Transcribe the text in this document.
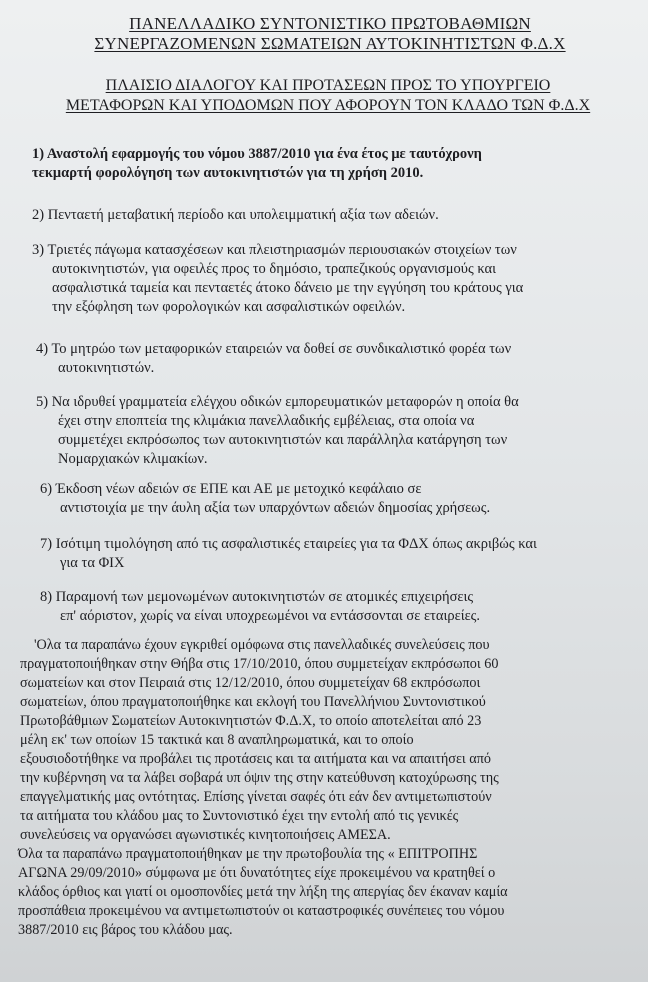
ΠΑΝΕΛΛΑΔΙΚΟ ΣΥΝΤΟΝΙΣΤΙΚΟ ΠΡΩΤΟΒΑΘΜΙΩΝ
ΣΥΝΕΡΓΑΖΟΜΕΝΩΝ ΣΩΜΑΤΕΙΩΝ ΑΥΤΟΚΙΝΗΤΙΣΤΩΝ Φ.Δ.Χ
ΠΛΑΙΣΙΟ ΔΙΑΛΟΓΟΥ ΚΑΙ ΠΡΟΤΑΣΕΩΝ ΠΡΟΣ ΤΟ ΥΠΟΥΡΓΕΙΟ
ΜΕΤΑΦΟΡΩΝ ΚΑΙ ΥΠΟΔΟΜΩΝ ΠΟΥ ΑΦΟΡΟΥΝ ΤΟΝ ΚΛΑΔΟ ΤΩΝ Φ.Δ.Χ
1) Αναστολή εφαρμογής του νόμου 3887/2010 για ένα έτος με ταυτόχρονη
τεκμαρτή φορολόγηση των αυτοκινητιστών για τη χρήση 2010.
2) Πενταετή μεταβατική περίοδο και υπολειμματική αξία των αδειών.
3) Τριετές πάγωμα κατασχέσεων και πλειστηριασμών περιουσιακών στοιχείων των
αυτοκινητιστών, για οφειλές προς το δημόσιο, τραπεζικούς οργανισμούς και
ασφαλιστικά ταμεία και πενταετές άτοκο δάνειο με την εγγύηση του κράτους για
την εξόφληση των φορολογικών και ασφαλιστικών οφειλών.
4) Το μητρώο των μεταφορικών εταιρειών να δοθεί σε συνδικαλιστικό φορέα των
αυτοκινητιστών.
5) Να ιδρυθεί γραμματεία ελέγχου οδικών εμπορευματικών μεταφορών η οποία θα
έχει στην εποπτεία της κλιμάκια πανελλαδικής εμβέλειας, στα οποία να
συμμετέχει εκπρόσωπος των αυτοκινητιστών και παράλληλα κατάργηση των
Νομαρχιακών κλιμακίων.
6) Έκδοση νέων αδειών σε ΕΠΕ και ΑΕ με μετοχικό κεφάλαιο σε
αντιστοιχία με την άυλη αξία των υπαρχόντων αδειών δημοσίας χρήσεως.
7) Ισότιμη τιμολόγηση από τις ασφαλιστικές εταιρείες για τα ΦΔΧ όπως ακριβώς και
για τα ΦΙΧ
8) Παραμονή των μεμονωμένων αυτοκινητιστών σε ατομικές επιχειρήσεις
επ' αόριστον, χωρίς να είναι υποχρεωμένοι να εντάσσονται σε εταιρείες.
'Ολα τα παραπάνω έχουν εγκριθεί ομόφωνα στις πανελλαδικές συνελεύσεις που
πραγματοποιήθηκαν στην Θήβα στις 17/10/2010, όπου συμμετείχαν εκπρόσωποι 60
σωματείων και στον Πειραιά στις 12/12/2010, όπου συμμετείχαν 68 εκπρόσωποι
σωματείων, όπου πραγματοποιήθηκε και εκλογή του Πανελλήνιου Συντονιστικού
Πρωτοβάθμιων Σωματείων Αυτοκινητιστών Φ.Δ.Χ, το οποίο αποτελείται από 23
μέλη εκ' των οποίων 15 τακτικά και 8 αναπληρωματικά, και το οποίο
εξουσιοδοτήθηκε να προβάλει τις προτάσεις και τα αιτήματα και να απαιτήσει από
την κυβέρνηση να τα λάβει σοβαρά υπ όψιν της στην κατεύθυνση κατοχύρωσης της
επαγγελματικής μας οντότητας. Επίσης γίνεται σαφές ότι εάν δεν αντιμετωπιστούν
τα αιτήματα του κλάδου μας το Συντονιστικό έχει την εντολή από τις γενικές
συνελεύσεις να οργανώσει αγωνιστικές κινητοποιήσεις ΑΜΕΣΑ.
Όλα τα παραπάνω πραγματοποιήθηκαν με την πρωτοβουλία της « ΕΠΙΤΡΟΠΗΣ
ΑΓΩΝΑ 29/09/2010» σύμφωνα με ότι δυνατότητες είχε προκειμένου να κρατηθεί ο
κλάδος όρθιος και γιατί οι ομοσπονδίες μετά την λήξη της απεργίας δεν έκαναν καμία
προσπάθεια προκειμένου να αντιμετωπιστούν οι καταστροφικές συνέπειες του νόμου
3887/2010 εις βάρος του κλάδου μας.
